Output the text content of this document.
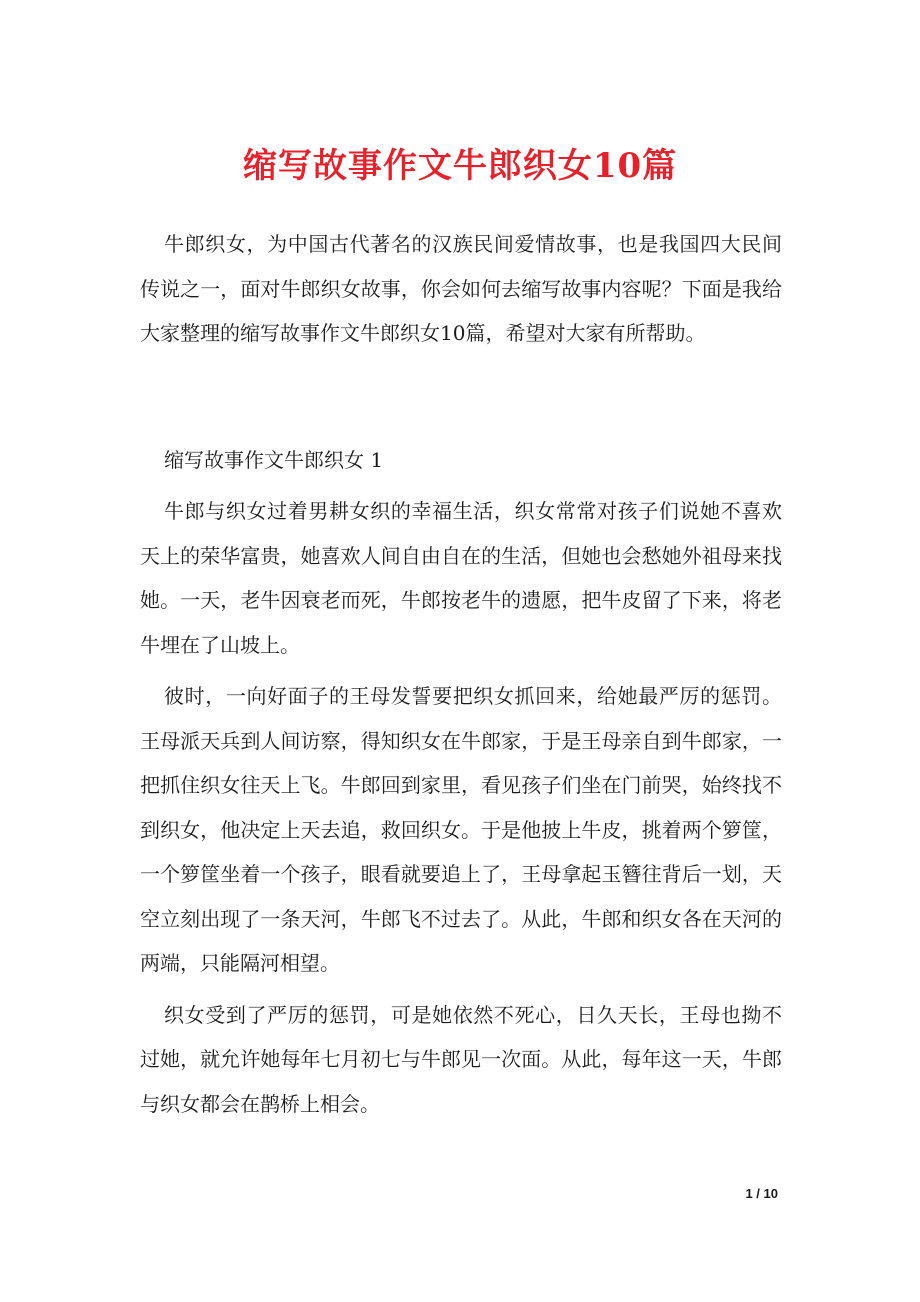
缩写故事作文牛郎织女10篇

牛郎织女，为中国古代著名的汉族民间爱情故事，也是我国四大民间传说之一，面对牛郎织女故事，你会如何去缩写故事内容呢？下面是我给大家整理的缩写故事作文牛郎织女10篇，希望对大家有所帮助。

缩写故事作文牛郎织女 1

牛郎与织女过着男耕女织的幸福生活，织女常常对孩子们说她不喜欢天上的荣华富贵，她喜欢人间自由自在的生活，但她也会愁她外祖母来找她。一天，老牛因衰老而死，牛郎按老牛的遗愿，把牛皮留了下来，将老牛埋在了山坡上。

彼时，一向好面子的王母发誓要把织女抓回来，给她最严厉的惩罚。王母派天兵到人间访察，得知织女在牛郎家，于是王母亲自到牛郎家，一把抓住织女往天上飞。牛郎回到家里，看见孩子们坐在门前哭，始终找不到织女，他决定上天去追，救回织女。于是他披上牛皮，挑着两个箩筐，一个箩筐坐着一个孩子，眼看就要追上了，王母拿起玉簪往背后一划，天空立刻出现了一条天河，牛郎飞不过去了。从此，牛郎和织女各在天河的两端，只能隔河相望。

织女受到了严厉的惩罚，可是她依然不死心，日久天长，王母也拗不过她，就允许她每年七月初七与牛郎见一次面。从此，每年这一天，牛郎与织女都会在鹊桥上相会。

1 / 10
